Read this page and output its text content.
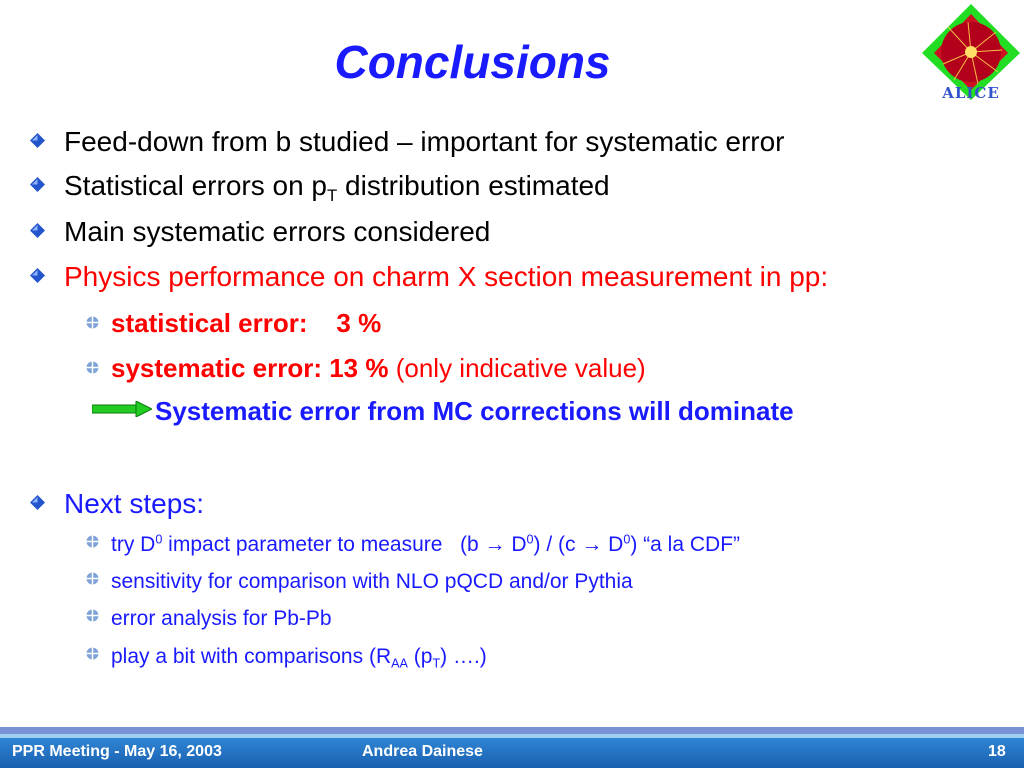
Conclusions
ALICE
Feed-down from b studied – important for systematic error
Statistical errors on $p_T$ distribution estimated
Main systematic errors considered
Physics performance on charm X section measurement in pp:
statistical error:    3 %
systematic error: 13 % (only indicative value)
Systematic error from MC corrections will dominate
Next steps:
try $D^0$ impact parameter to measure   $(b \to D^0) / (c \to D^0)$ “a la CDF”
sensitivity for comparison with NLO pQCD and/or Pythia
error analysis for Pb-Pb
play a bit with comparisons ($R_{AA}$ $(p_T)$ ….)
PPR Meeting - May 16, 2003	Andrea Dainese	18
